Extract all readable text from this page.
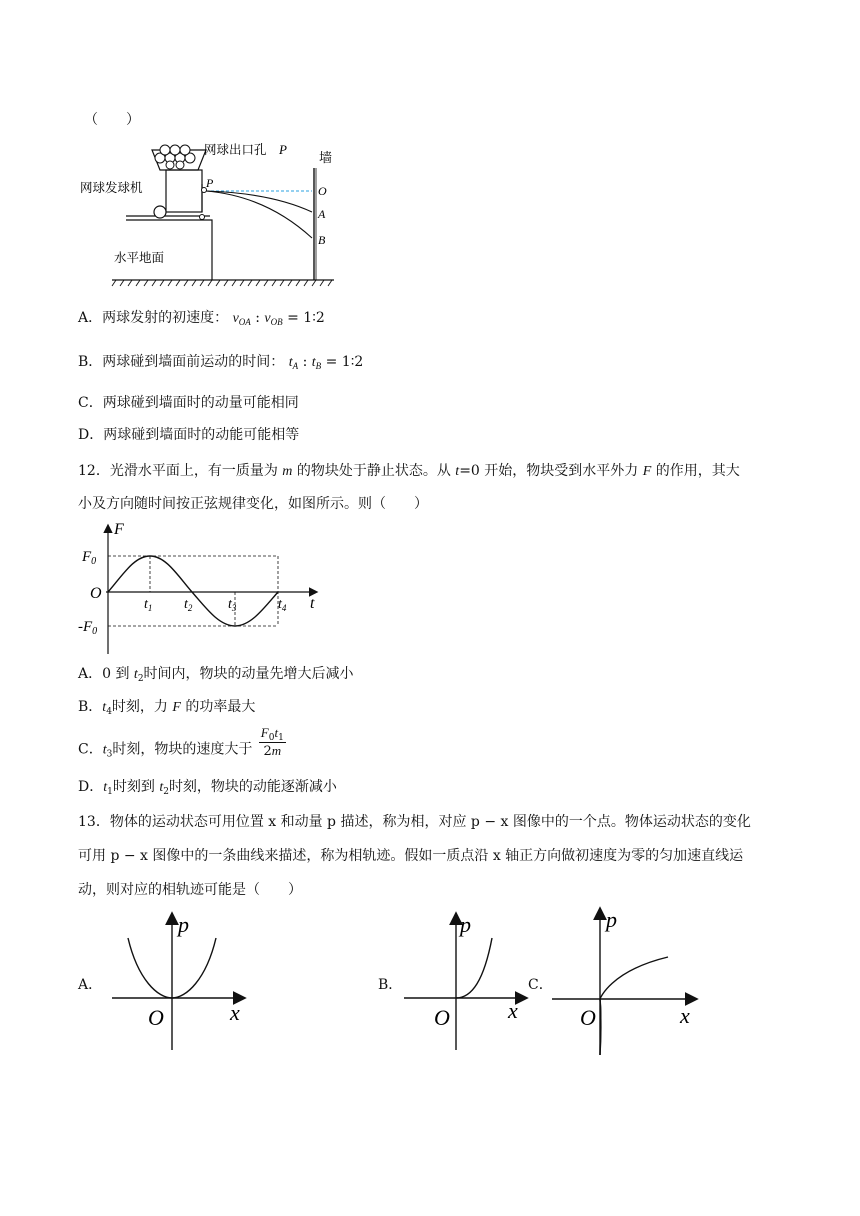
（　　）
网球出口孔 P
墙
网球发球机
水平地面
P
O
A
B
A．两球发射的初速度： $v_{OA}$ : $v_{OB}$ = 1∶2
B．两球碰到墙面前运动的时间： $t_A$ : $t_B$ = 1∶2
C．两球碰到墙面时的动量可能相同
D．两球碰到墙面时的动能可能相等
12．光滑水平面上，有一质量为 m 的物块处于静止状态。从 t=0 开始，物块受到水平外力 F 的作用，其大
小及方向随时间按正弦规律变化，如图所示。则（　　）
F
$F_0$
$-F_0$
O
t
$t_1$ $t_2$	$t_3$	$t_4$
A．0 到 $t_2$时间内，物块的动量先增大后减小
B．$t_4$时刻，力 F 的功率最大
C．$t_3$时刻，物块的速度大于 $\frac{F_0t_1}{2m}$
D．$t_1$时刻到 $t_2$时刻，物块的动能逐渐减小
13．物体的运动状态可用位置 x 和动量 p 描述，称为相，对应 p − x 图像中的一个点。物体运动状态的变化
可用 p − x 图像中的一条曲线来描述，称为相轨迹。假如一质点沿 x 轴正方向做初速度为零的匀加速直线运
动，则对应的相轨迹可能是（　　）
A．
p
x
O
B．
p
x
O
C．
p
x
O
